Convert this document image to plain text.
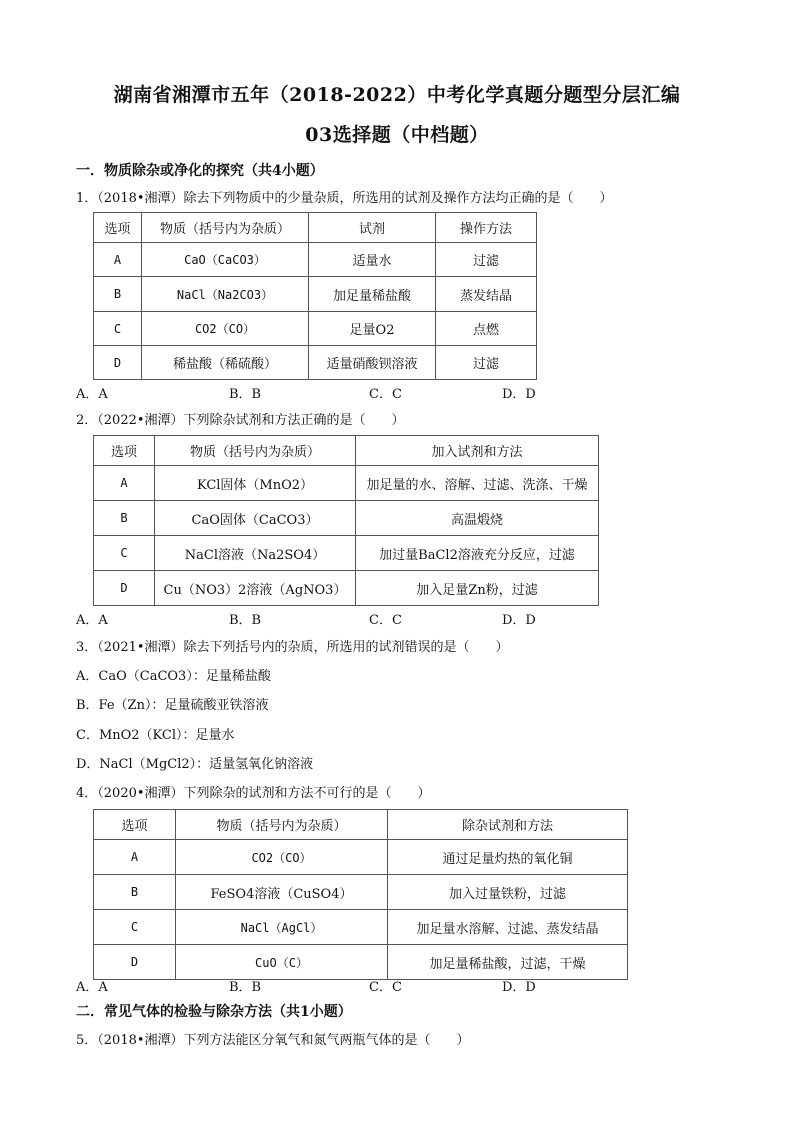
湖南省湘潭市五年（2018-2022）中考化学真题分题型分层汇编
03选择题（中档题）
一．物质除杂或净化的探究（共4小题）
1．（2018•湘潭）除去下列物质中的少量杂质，所选用的试剂及操作方法均正确的是（　　）
选项	物质（括号内为杂质）	试剂	操作方法
A	CaO（CaCO3）	适量水	过滤
B	NaCl（Na2CO3）	加足量稀盐酸	蒸发结晶
C	CO2（CO）	足量O2	点燃
D	稀盐酸（稀硫酸）	适量硝酸钡溶液	过滤
A．A	B．B	C．C	D．D
2．（2022•湘潭）下列除杂试剂和方法正确的是（　　）
选项	物质（括号内为杂质）	加入试剂和方法
A	KCl固体（MnO2）	加足量的水、溶解、过滤、洗涤、干燥
B	CaO固体（CaCO3）	高温煅烧
C	NaCl溶液（Na2SO4）	加过量BaCl2溶液充分反应，过滤
D	Cu（NO3）2溶液（AgNO3）	加入足量Zn粉，过滤
A．A	B．B	C．C	D．D
3．（2021•湘潭）除去下列括号内的杂质，所选用的试剂错误的是（　　）
A．CaO（CaCO3）：足量稀盐酸
B．Fe（Zn）：足量硫酸亚铁溶液
C．MnO2（KCl）：足量水
D．NaCl（MgCl2）：适量氢氧化钠溶液
4．（2020•湘潭）下列除杂的试剂和方法不可行的是（　　）
选项	物质（括号内为杂质）	除杂试剂和方法
A	CO2（CO）	通过足量灼热的氧化铜
B	FeSO4溶液（CuSO4）	加入过量铁粉，过滤
C	NaCl（AgCl）	加足量水溶解、过滤、蒸发结晶
D	CuO（C）	加足量稀盐酸，过滤，干燥
A．A	B．B	C．C	D．D
二．常见气体的检验与除杂方法（共1小题）
5．（2018•湘潭）下列方法能区分氧气和氮气两瓶气体的是（　　）
